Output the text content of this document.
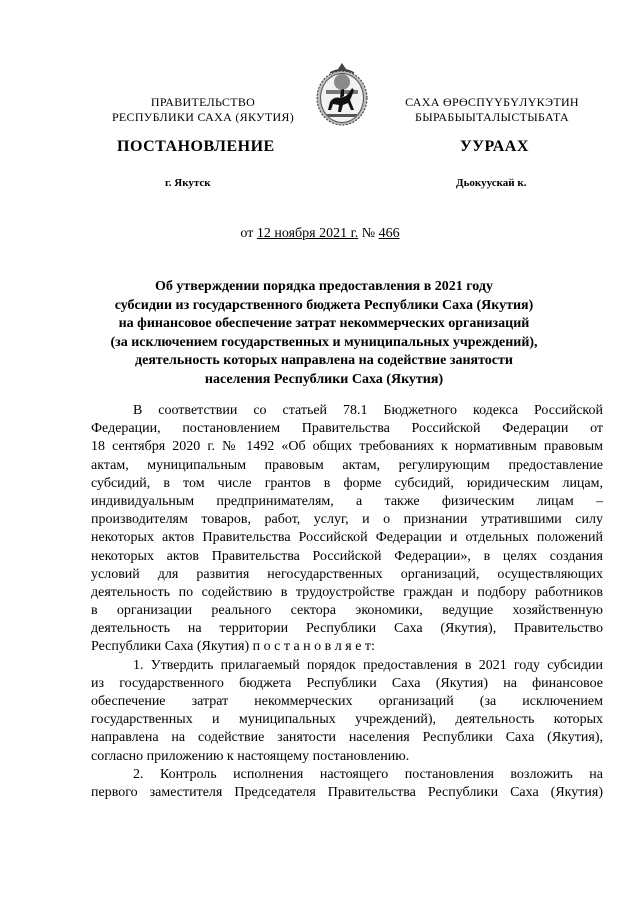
ПРАВИТЕЛЬСТВО
РЕСПУБЛИКИ САХА (ЯКУТИЯ)
САХА ӨРӨСПҮҮБҮЛҮКЭТИН
БЫРАБЫЫТАЛЫСТЫБАТА
ПОСТАНОВЛЕНИЕ	УУРААХ
г. Якутск	Дьокуускай к.
от 12 ноября 2021 г. № 466
Об утверждении порядка предоставления в 2021 году
субсидии из государственного бюджета Республики Саха (Якутия)
на финансовое обеспечение затрат некоммерческих организаций
(за исключением государственных и муниципальных учреждений),
деятельность которых направлена на содействие занятости
населения Республики Саха (Якутия)
В соответствии со статьей 78.1 Бюджетного кодекса Российской
Федерации, постановлением Правительства Российской Федерации от
18 сентября 2020 г. № 1492 «Об общих требованиях к нормативным правовым
актам, муниципальным правовым актам, регулирующим предоставление
субсидий, в том числе грантов в форме субсидий, юридическим лицам,
индивидуальным предпринимателям, а также физическим лицам –
производителям товаров, работ, услуг, и о признании утратившими силу
некоторых актов Правительства Российской Федерации и отдельных положений
некоторых актов Правительства Российской Федерации», в целях создания
условий для развития негосударственных организаций, осуществляющих
деятельность по содействию в трудоустройстве граждан и подбору работников
в организации реального сектора экономики, ведущие хозяйственную
деятельность на территории Республики Саха (Якутия), Правительство
Республики Саха (Якутия) п о с т а н о в л я е т:
1. Утвердить прилагаемый порядок предоставления в 2021 году субсидии
из государственного бюджета Республики Саха (Якутия) на финансовое
обеспечение затрат некоммерческих организаций (за исключением
государственных и муниципальных учреждений), деятельность которых
направлена на содействие занятости населения Республики Саха (Якутия),
согласно приложению к настоящему постановлению.
2. Контроль исполнения настоящего постановления возложить на
первого заместителя Председателя Правительства Республики Саха (Якутия)
